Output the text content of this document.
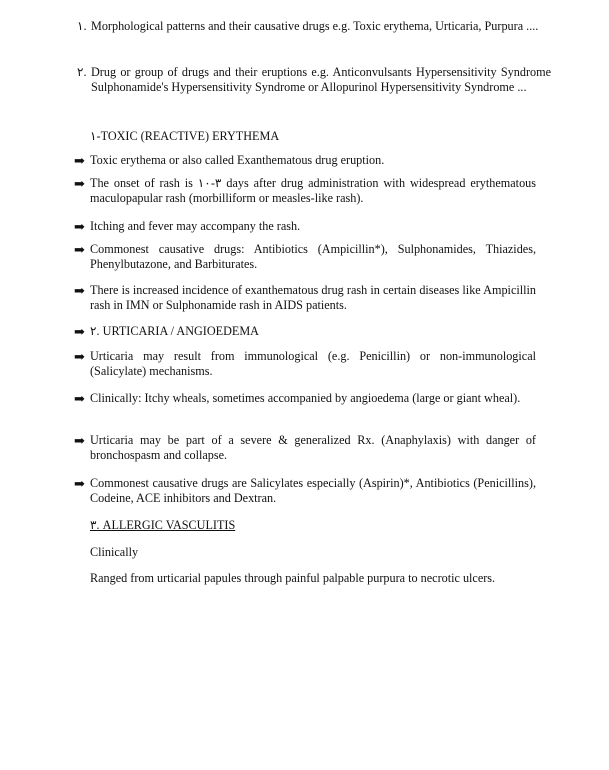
١. Morphological patterns and their causative drugs e.g. Toxic erythema, Urticaria, Purpura ....
٢. Drug or group of drugs and their eruptions e.g. Anticonvulsants Hypersensitivity Syndrome Sulphonamide's Hypersensitivity Syndrome or Allopurinol Hypersensitivity Syndrome ...
١-TOXIC (REACTIVE) ERYTHEMA
➡ Toxic erythema or also called Exanthematous drug eruption.
➡ The onset of rash is ٣-١٠ days after drug administration with widespread erythematous maculopapular rash (morbilliform or measles-like rash).
➡ Itching and fever may accompany the rash.
➡ Commonest causative drugs: Antibiotics (Ampicillin*), Sulphonamides, Thiazides, Phenylbutazone, and Barbiturates.
➡ There is increased incidence of exanthematous drug rash in certain diseases like Ampicillin rash in IMN or Sulphonamide rash in AIDS patients.
➡ ٢. URTICARIA / ANGIOEDEMA
➡ Urticaria may result from immunological (e.g. Penicillin) or non-immunological (Salicylate) mechanisms.
➡ Clinically: Itchy wheals, sometimes accompanied by angioedema (large or giant wheal).
➡ Urticaria may be part of a severe & generalized Rx. (Anaphylaxis) with danger of bronchospasm and collapse.
➡ Commonest causative drugs are Salicylates especially (Aspirin)*, Antibiotics (Penicillins), Codeine, ACE inhibitors and Dextran.
٣. ALLERGIC VASCULITIS
Clinically
Ranged from urticarial papules through painful palpable purpura to necrotic ulcers.
